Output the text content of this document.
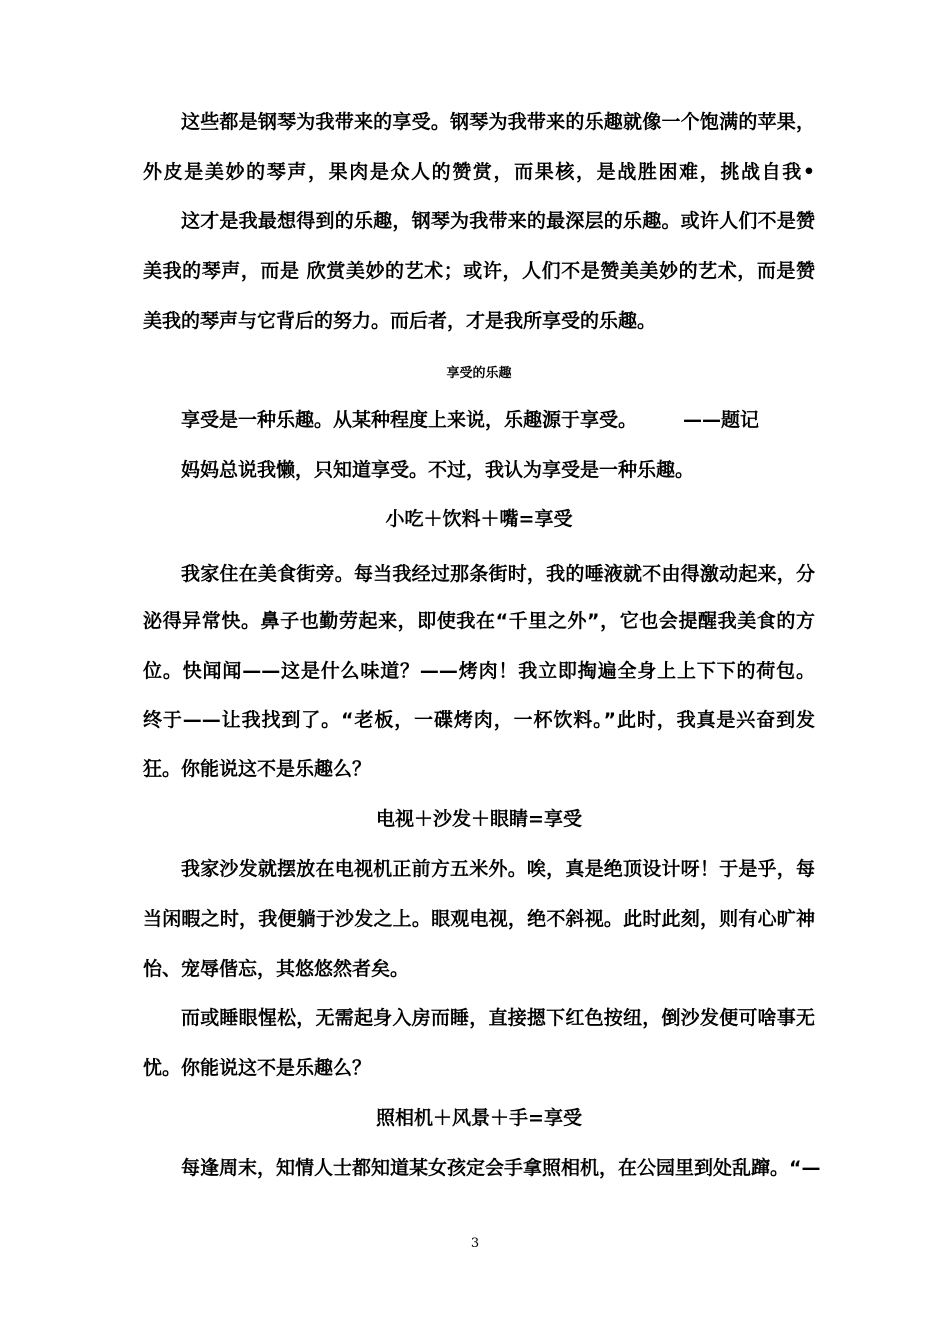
这些都是钢琴为我带来的享受。钢琴为我带来的乐趣就像一个饱满的苹果，

外皮是美妙的琴声，果肉是众人的赞赏，而果核，是战胜困难，挑战自我•

这才是我最想得到的乐趣，钢琴为我带来的最深层的乐趣。或许人们不是赞

美我的琴声，而是 欣赏美妙的艺术；或许，人们不是赞美美妙的艺术，而是赞

美我的琴声与它背后的努力。而后者，才是我所享受的乐趣。

享受的乐趣

享受是一种乐趣。从某种程度上来说，乐趣源于享受。 ——题记

妈妈总说我懒，只知道享受。不过，我认为享受是一种乐趣。

小吃＋饮料＋嘴=享受

我家住在美食街旁。每当我经过那条街时，我的唾液就不由得激动起来，分

泌得异常快。鼻子也勤劳起来，即使我在“千里之外”，它也会提醒我美食的方

位。快闻闻——这是什么味道？——烤肉！我立即掏遍全身上上下下的荷包。

终于——让我找到了。“老板，一碟烤肉，一杯饮料。”此时，我真是兴奋到发

狂。你能说这不是乐趣么？

电视＋沙发＋眼睛=享受

我家沙发就摆放在电视机正前方五米外。唉，真是绝顶设计呀！于是乎，每

当闲暇之时，我便躺于沙发之上。眼观电视，绝不斜视。此时此刻，则有心旷神

怡、宠辱偕忘，其悠悠然者矣。

而或睡眼惺松，无需起身入房而睡，直接摁下红色按纽，倒沙发便可啥事无

忧。你能说这不是乐趣么？

照相机＋风景＋手=享受

每逢周末，知情人士都知道某女孩定会手拿照相机，在公园里到处乱蹿。“—

3
